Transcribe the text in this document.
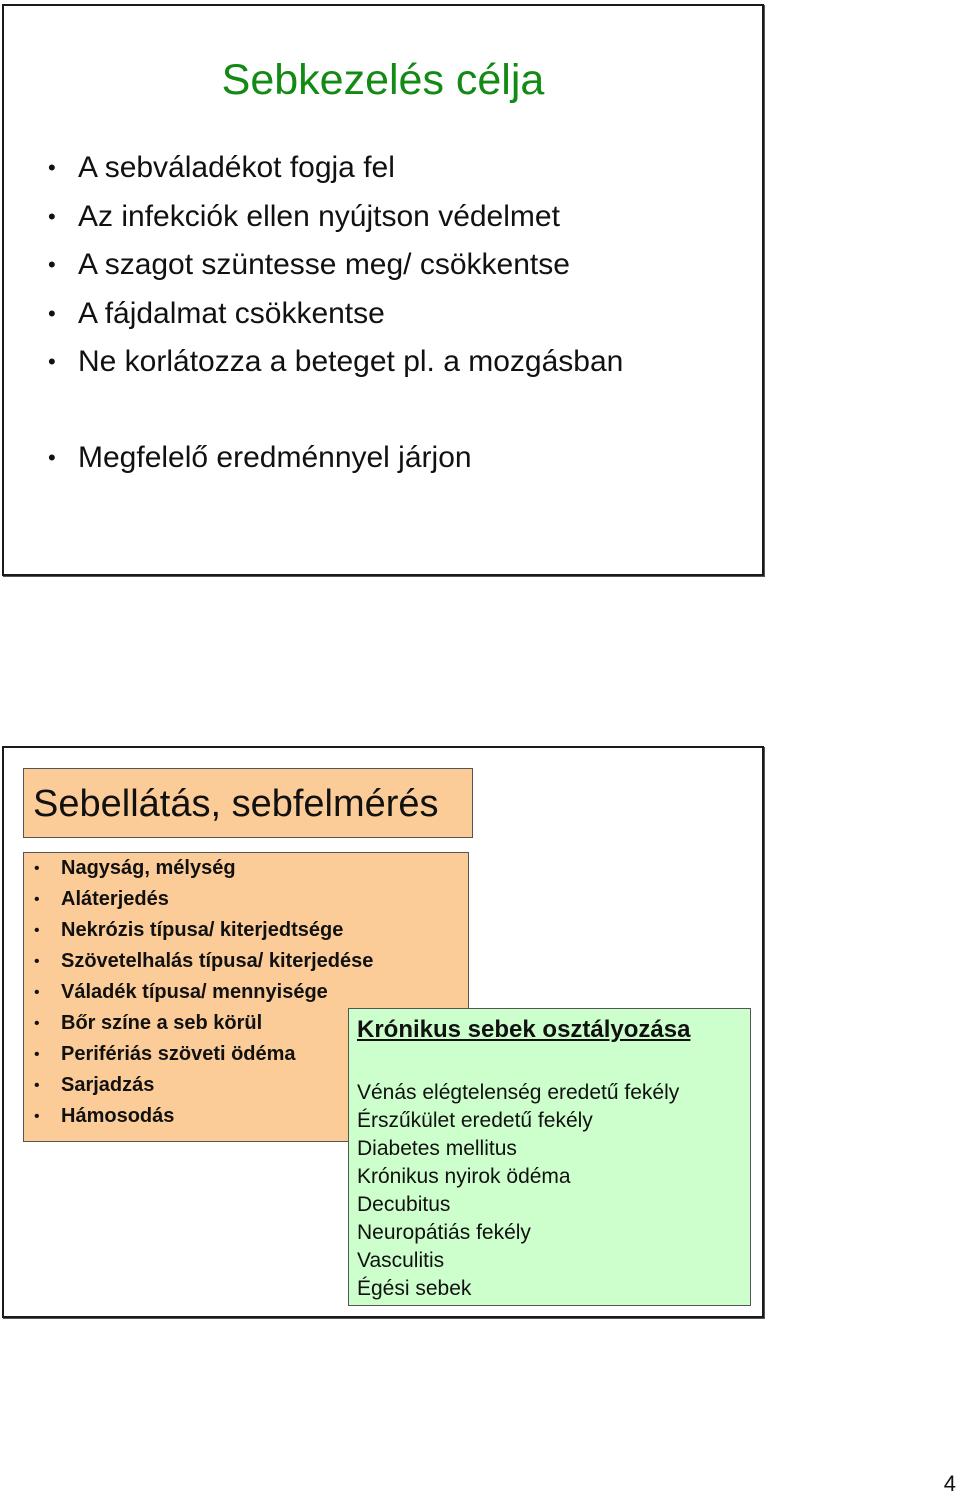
Sebkezelés célja
• A sebváladékot fogja fel
• Az infekciók ellen nyújtson védelmet
• A szagot szüntesse meg/ csökkentse
• A fájdalmat csökkentse
• Ne korlátozza a beteget pl. a mozgásban
• Megfelelő eredménnyel járjon
Sebellátás, sebfelmérés
• Nagyság, mélység
• Aláterjedés
• Nekrózis típusa/ kiterjedtsége
• Szövetelhalás típusa/ kiterjedése
• Váladék típusa/ mennyisége
• Bőr színe a seb körül
• Perifériás szöveti ödéma
• Sarjadzás
• Hámosodás
Krónikus sebek osztályozása
Vénás elégtelenség eredetű fekély
Érszűkület eredetű fekély
Diabetes mellitus
Krónikus nyirok ödéma
Decubitus
Neuropátiás fekély
Vasculitis
Égési sebek
4
